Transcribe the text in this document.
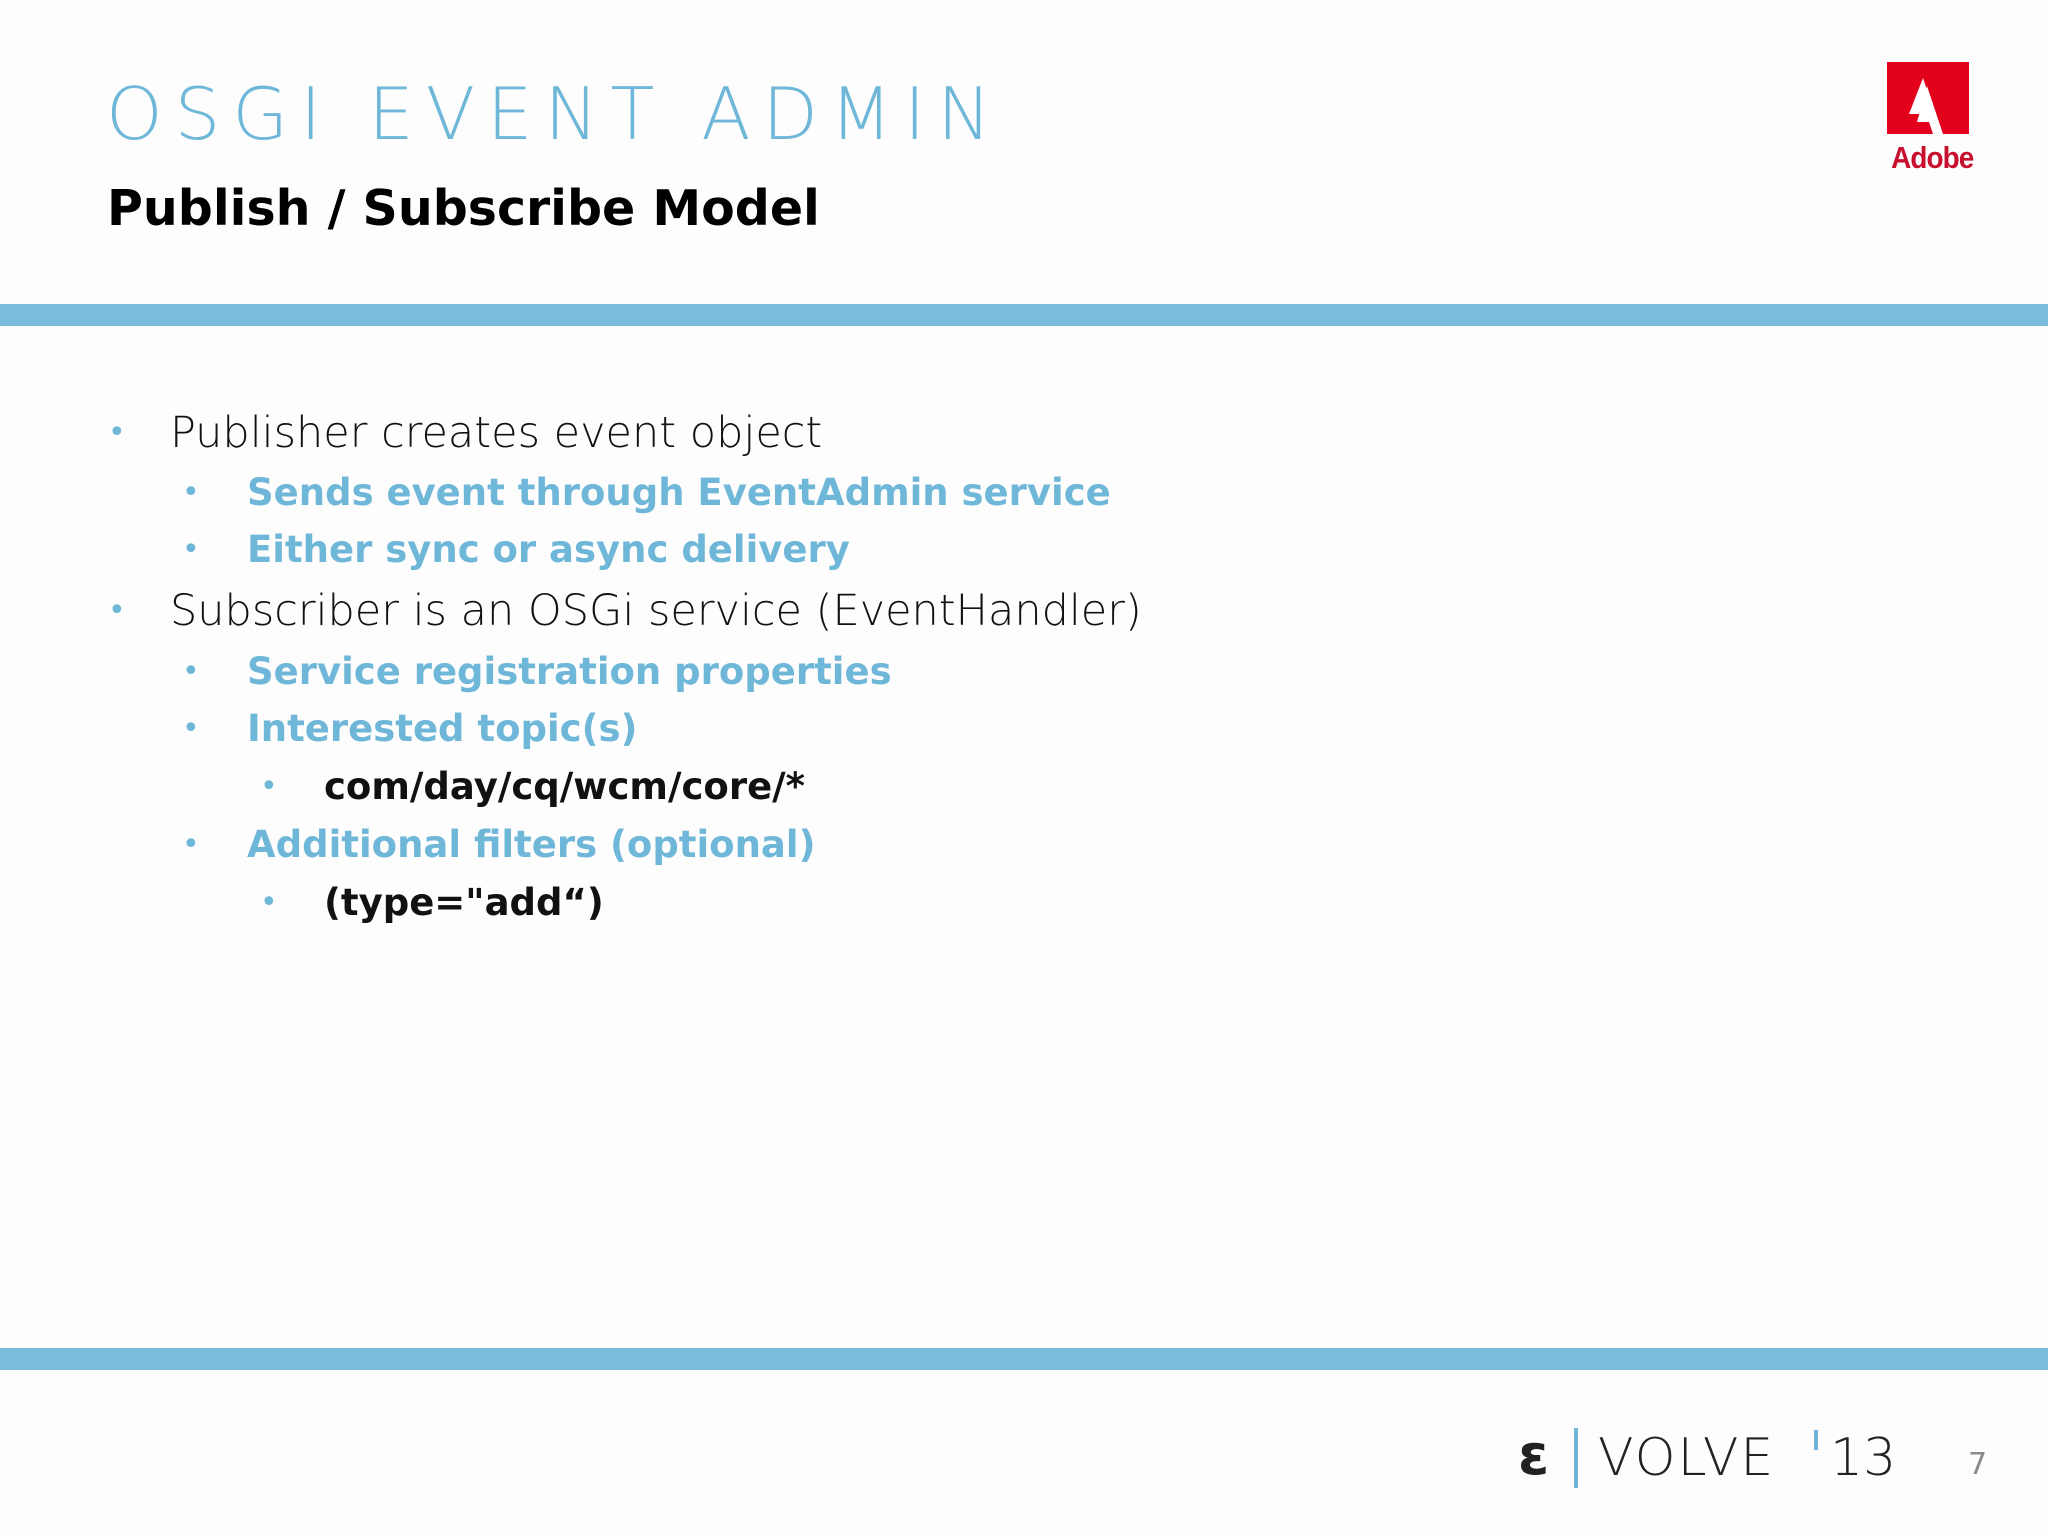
OSGI EVENT ADMIN
Publish / Subscribe Model
Adobe
• Publisher creates event object
• Sends event through EventAdmin service
• Either sync or async delivery
• Subscriber is an OSGi service (EventHandler)
• Service registration properties
• Interested topic(s)
• com/day/cq/wcm/core/*
• Additional filters (optional)
• (type="add“)
ε VOLVE 13 7
